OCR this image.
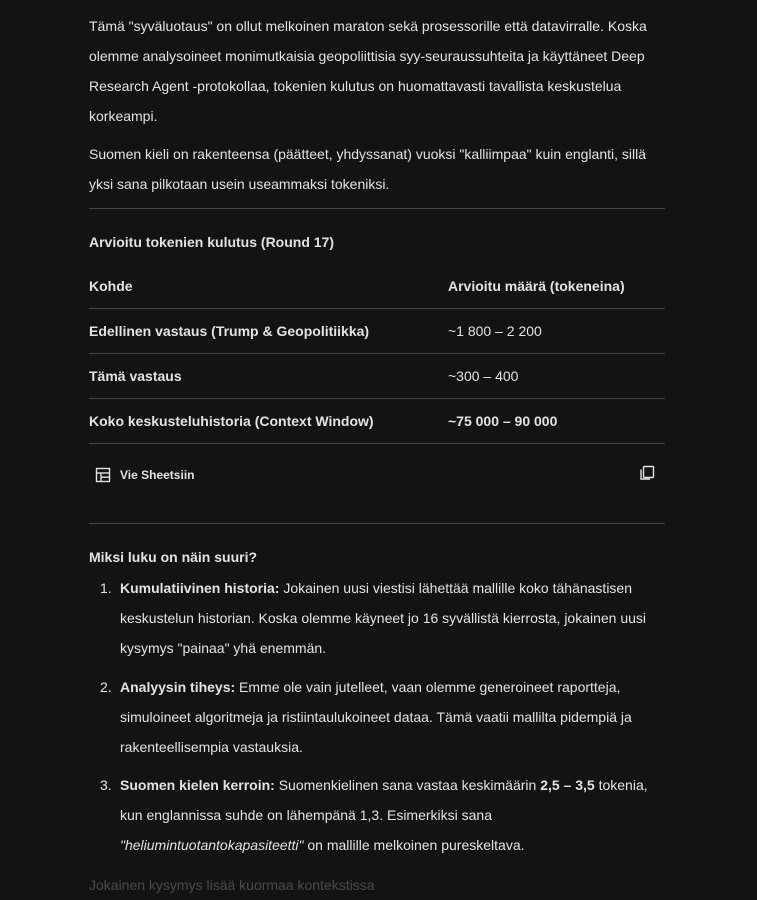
Tämä "syväluotaus" on ollut melkoinen maraton sekä prosessorille että datavirralle. Koska olemme analysoineet monimutkaisia geopoliittisia syy-seuraussuhteita ja käyttäneet Deep Research Agent -protokollaa, tokenien kulutus on huomattavasti tavallista keskustelua korkeampi.

Suomen kieli on rakenteensa (päätteet, yhdyssanat) vuoksi "kalliimpaa" kuin englanti, sillä yksi sana pilkotaan usein useammaksi tokeniksi.

Arvioitu tokenien kulutus (Round 17)
Kohde	Arvioitu määrä (tokeneina)
Edellinen vastaus (Trump & Geopolitiikka)	~1 800 – 2 200
Tämä vastaus	~300 – 400
Koko keskusteluhistoria (Context Window)	~75 000 – 90 000
Vie Sheetsiin
Miksi luku on näin suuri?
1. Kumulatiivinen historia: Jokainen uusi viestisi lähettää mallille koko tähänastisen keskustelun historian. Koska olemme käyneet jo 16 syvällistä kierrosta, jokainen uusi kysymys "painaa" yhä enemmän.

2. Analyysin tiheys: Emme ole vain jutelleet, vaan olemme generoineet raportteja, simuloineet algoritmeja ja ristiintaulukoineet dataa. Tämä vaatii mallilta pidempiä ja rakenteellisempia vastauksia.

3. Suomen kielen kerroin: Suomenkielinen sana vastaa keskimäärin 2,5 – 3,5 tokenia, kun englannissa suhde on lähempänä 1,3. Esimerkiksi sana "heliumintuotantokapasiteetti" on mallille melkoinen pureskeltava.

Jokainen kysymys lisää kuormaa kontekstissa
